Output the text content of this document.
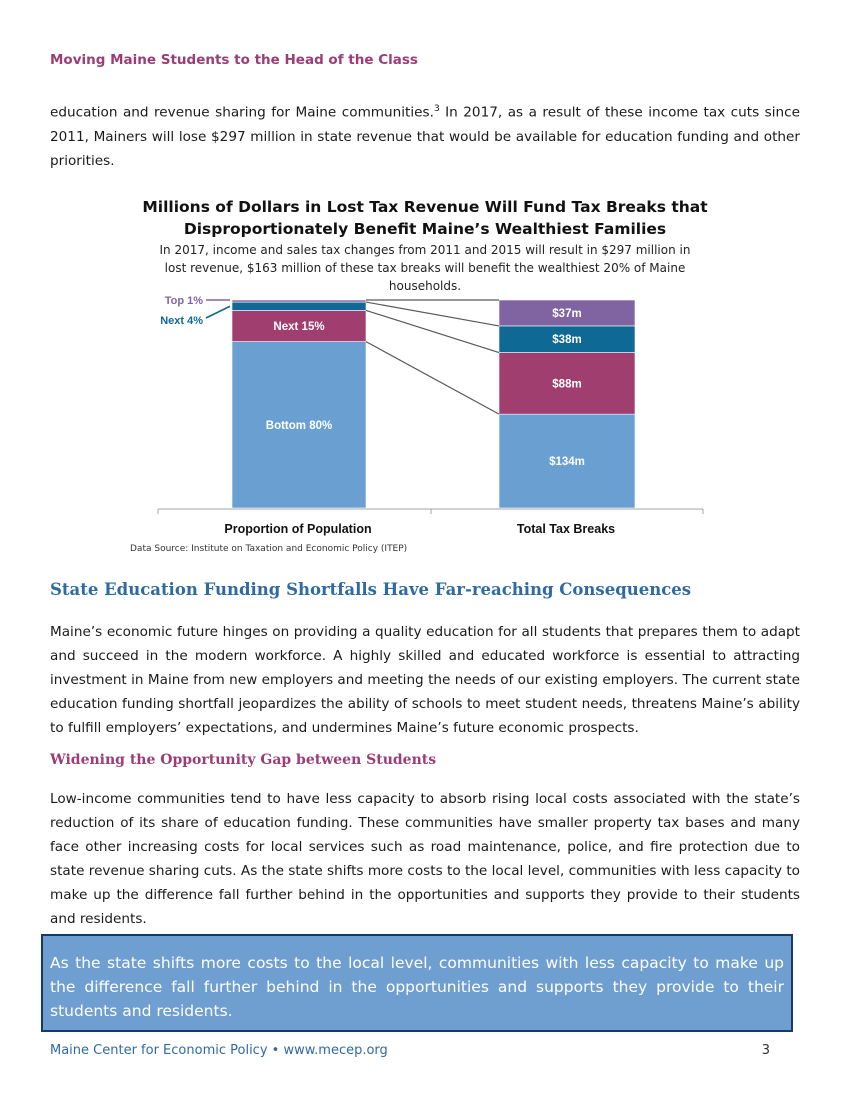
Moving Maine Students to the Head of the Class

education and revenue sharing for Maine communities.$^3$ In 2017, as a result of these income tax cuts since 2011, Mainers will lose $297 million in state revenue that would be available for education funding and other priorities.

Millions of Dollars in Lost Tax Revenue Will Fund Tax Breaks that
Disproportionately Benefit Maine’s Wealthiest Families
In 2017, income and sales tax changes from 2011 and 2015 will result in $297 million in lost revenue, $163 million of these tax breaks will benefit the wealthiest 20% of Maine households.
Bottom 80%
Next 15%
Proportion of Population
$134m
$88m
$38m
$37m
Total Tax Breaks
Top 1%
Next 4%
Data Source: Institute on Taxation and Economic Policy (ITEP)
State Education Funding Shortfalls Have Far-reaching Consequences

Maine’s economic future hinges on providing a quality education for all students that prepares them to adapt and succeed in the modern workforce. A highly skilled and educated workforce is essential to attracting investment in Maine from new employers and meeting the needs of our existing employers. The current state education funding shortfall jeopardizes the ability of schools to meet student needs, threatens Maine’s ability to fulfill employers’ expectations, and undermines Maine’s future economic prospects.

Widening the Opportunity Gap between Students

Low-income communities tend to have less capacity to absorb rising local costs associated with the state’s reduction of its share of education funding. These communities have smaller property tax bases and many face other increasing costs for local services such as road maintenance, police, and fire protection due to state revenue sharing cuts. As the state shifts more costs to the local level, communities with less capacity to make up the difference fall further behind in the opportunities and supports they provide to their students and residents.

As the state shifts more costs to the local level, communities with less capacity to make up the difference fall further behind in the opportunities and supports they provide to their students and residents.

Maine Center for Economic Policy • www.mecep.org	3
